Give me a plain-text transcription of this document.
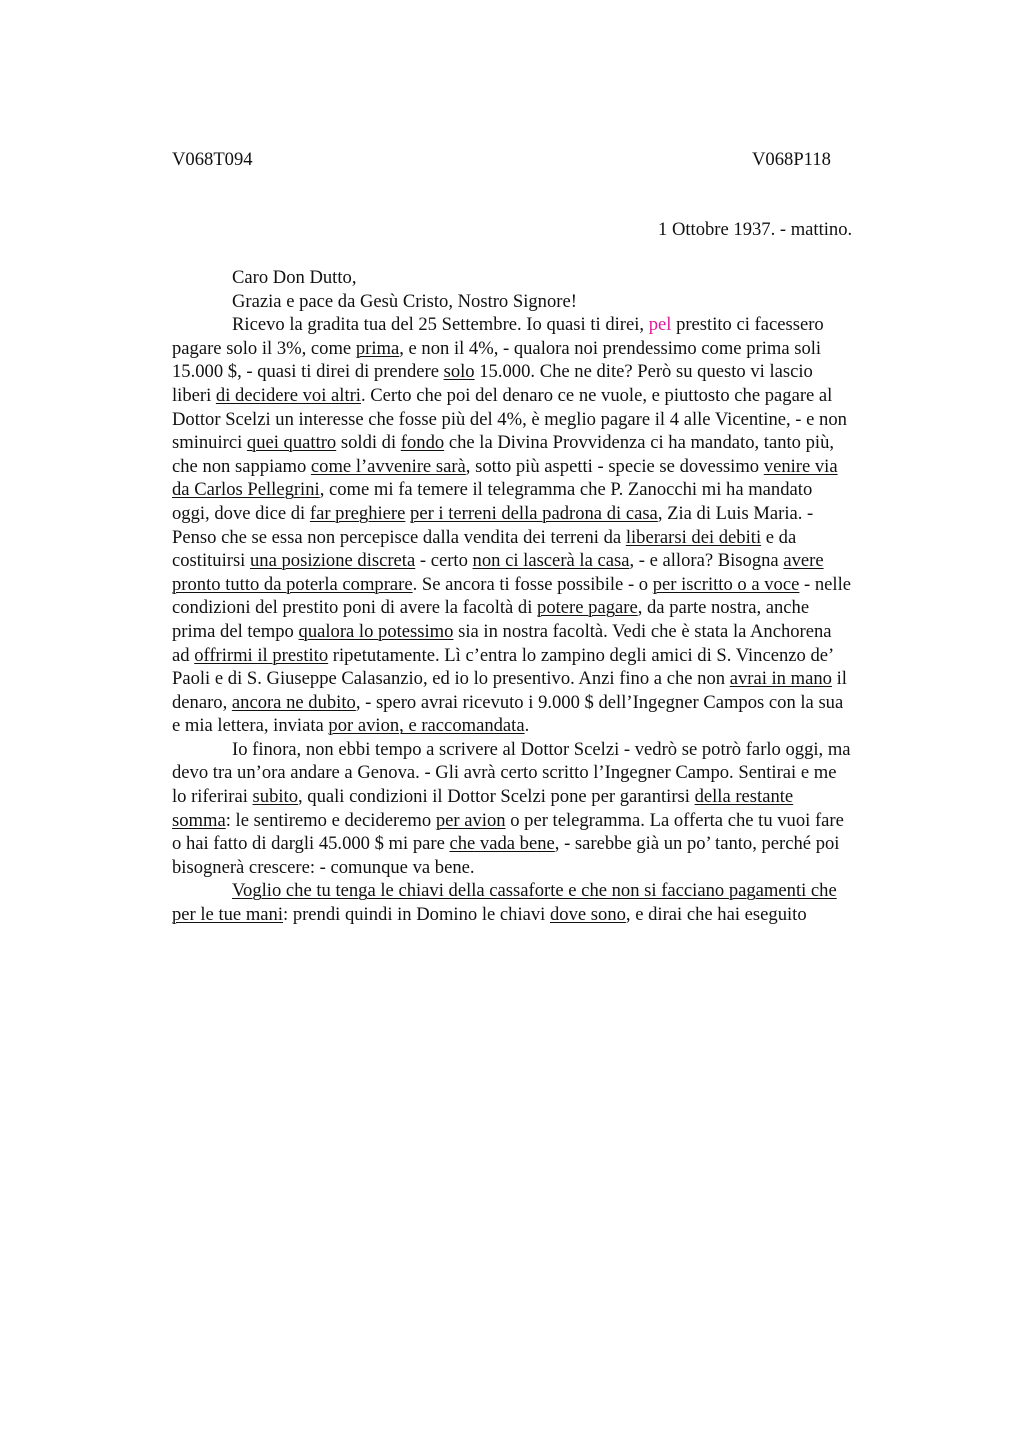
V068T094	V068P118
1 Ottobre 1937. - mattino.
Caro Don Dutto,
Grazia e pace da Gesù Cristo, Nostro Signore!
Ricevo la gradita tua del 25 Settembre. Io quasi ti direi, pel prestito ci facessero
pagare solo il 3%, come prima, e non il 4%, - qualora noi prendessimo come prima soli
15.000 $, - quasi ti direi di prendere solo 15.000. Che ne dite? Però su questo vi lascio
liberi di decidere voi altri. Certo che poi del denaro ce ne vuole, e piuttosto che pagare al
Dottor Scelzi un interesse che fosse più del 4%, è meglio pagare il 4 alle Vicentine, - e non
sminuirci quei quattro soldi di fondo che la Divina Provvidenza ci ha mandato, tanto più,
che non sappiamo come l’avvenire sarà, sotto più aspetti - specie se dovessimo venire via
da Carlos Pellegrini, come mi fa temere il telegramma che P. Zanocchi mi ha mandato
oggi, dove dice di far preghiere per i terreni della padrona di casa, Zia di Luis Maria. -
Penso che se essa non percepisce dalla vendita dei terreni da liberarsi dei debiti e da
costituirsi una posizione discreta - certo non ci lascerà la casa, - e allora? Bisogna avere
pronto tutto da poterla comprare. Se ancora ti fosse possibile - o per iscritto o a voce - nelle
condizioni del prestito poni di avere la facoltà di potere pagare, da parte nostra, anche
prima del tempo qualora lo potessimo sia in nostra facoltà. Vedi che è stata la Anchorena
ad offrirmi il prestito ripetutamente. Lì c’entra lo zampino degli amici di S. Vincenzo de’
Paoli e di S. Giuseppe Calasanzio, ed io lo presentivo. Anzi fino a che non avrai in mano il
denaro, ancora ne dubito, - spero avrai ricevuto i 9.000 $ dell’Ingegner Campos con la sua
e mia lettera, inviata por avion, e raccomandata.
Io finora, non ebbi tempo a scrivere al Dottor Scelzi - vedrò se potrò farlo oggi, ma
devo tra un’ora andare a Genova. - Gli avrà certo scritto l’Ingegner Campo. Sentirai e me
lo riferirai subito, quali condizioni il Dottor Scelzi pone per garantirsi della restante
somma: le sentiremo e decideremo per avion o per telegramma. La offerta che tu vuoi fare
o hai fatto di dargli 45.000 $ mi pare che vada bene, - sarebbe già un po’ tanto, perché poi
bisognerà crescere: - comunque va bene.
Voglio che tu tenga le chiavi della cassaforte e che non si facciano pagamenti che
per le tue mani: prendi quindi in Domino le chiavi dove sono, e dirai che hai eseguito
